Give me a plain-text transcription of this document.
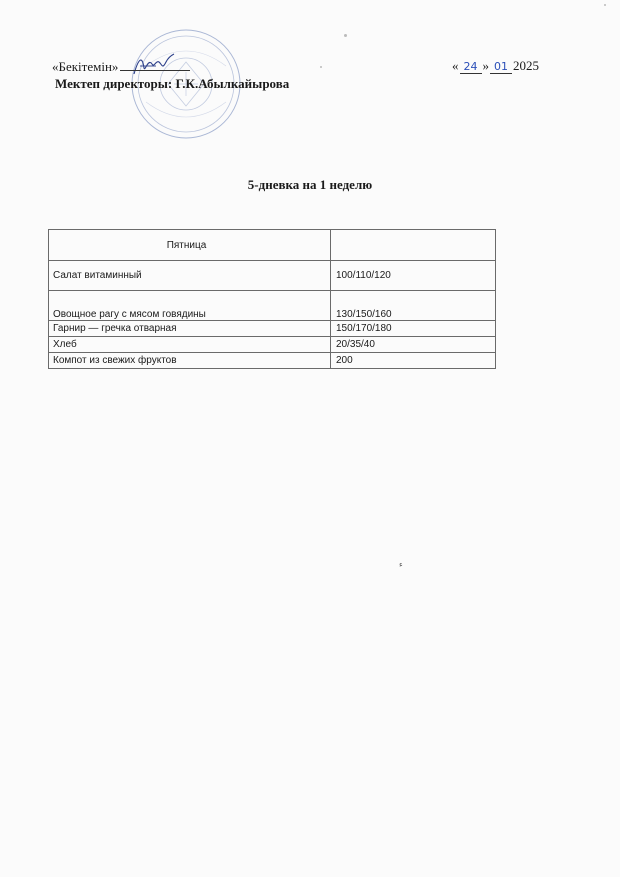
«Бекітемін»
Мектеп директоры: Г.К.Абылкайырова
« 24 » 01 2025
5-дневка на 1 неделю
Пятница	
Салат витаминный	100/110/120
Овощное рагу с мясом говядины	130/150/160
Гарнир — гречка отварная	150/170/180
Хлеб	20/35/40
Компот из свежих фруктов	200
ء
